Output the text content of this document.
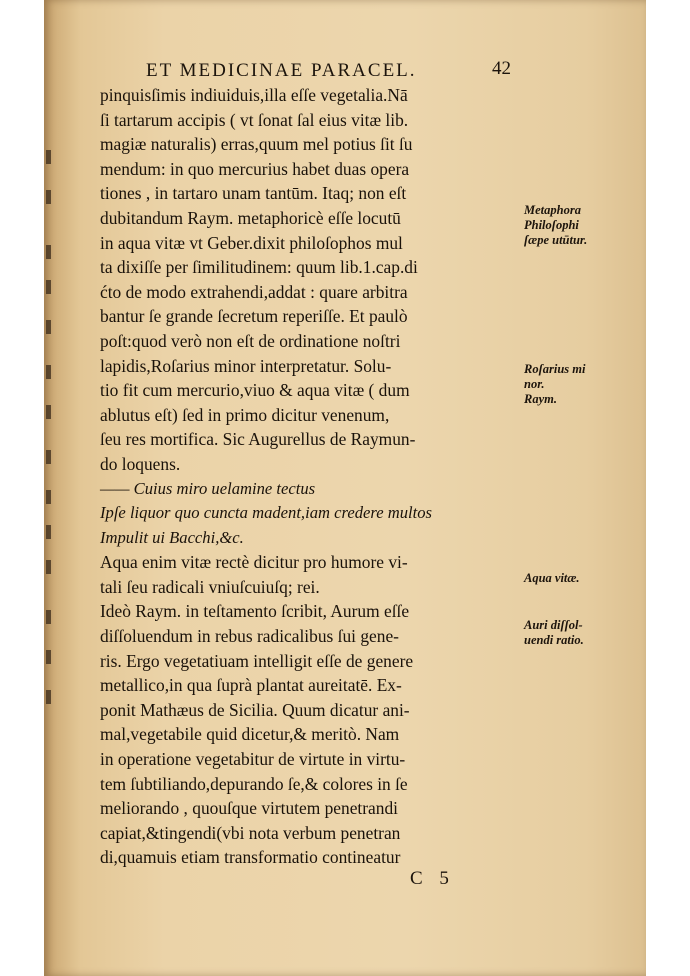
ET MEDICINAE PARACEL.	42
pinquisſimis indiuiduis,illa eſſe vegetalia.Nā
ſi tartarum accipis ( vt ſonat ſal eius vitæ lib.
magiæ naturalis) erras,quum mel potius ſit ſu
mendum: in quo mercurius habet duas opera
tiones , in tartaro unam tantūm. Itaq; non eſt
dubitandum Raym. metaphoricè eſſe locutū
in aqua vitæ vt Geber.dixit philoſophos mul
ta dixiſſe per ſimilitudinem: quum lib.1.cap.di
ćto de modo extrahendi,addat : quare arbitra
bantur ſe grande ſecretum reperiſſe. Et paulò
poſt:quod verò non eſt de ordinatione noſtri
lapidis,Roſarius minor interpretatur. Solu-
tio fit cum mercurio,viuo & aqua vitæ ( dum
ablutus eſt) ſed in primo dicitur venenum,
ſeu res mortifica. Sic Augurellus de Raymun-
do loquens.
—— Cuius miro uelamine tectus
Ipſe liquor quo cuncta madent,iam credere multos
Impulit ui Bacchi,&c.
Aqua enim vitæ rectè dicitur pro humore vi-
tali ſeu radicali vniuſcuiuſq; rei.
Ideò Raym. in teſtamento ſcribit, Aurum eſſe
diſſoluendum in rebus radicalibus ſui gene-
ris. Ergo vegetatiuam intelligit eſſe de genere
metallico,in qua ſuprà plantat aureitatē. Ex-
ponit Mathæus de Sicilia. Quum dicatur ani-
mal,vegetabile quid dicetur,& meritò. Nam
in operatione vegetabitur de virtute in virtu-
tem ſubtiliando,depurando ſe,& colores in ſe
meliorando , quouſque virtutem penetrandi
capiat,&tingendi(vbi nota verbum penetran
di,quamuis etiam transformatio contineatur
Metaphora
Philoſophi
ſæpe utūtur.
Roſarius mi
nor.
Raym.
Aqua vitæ.
Auri diſſol-
uendi ratio.
C 5
